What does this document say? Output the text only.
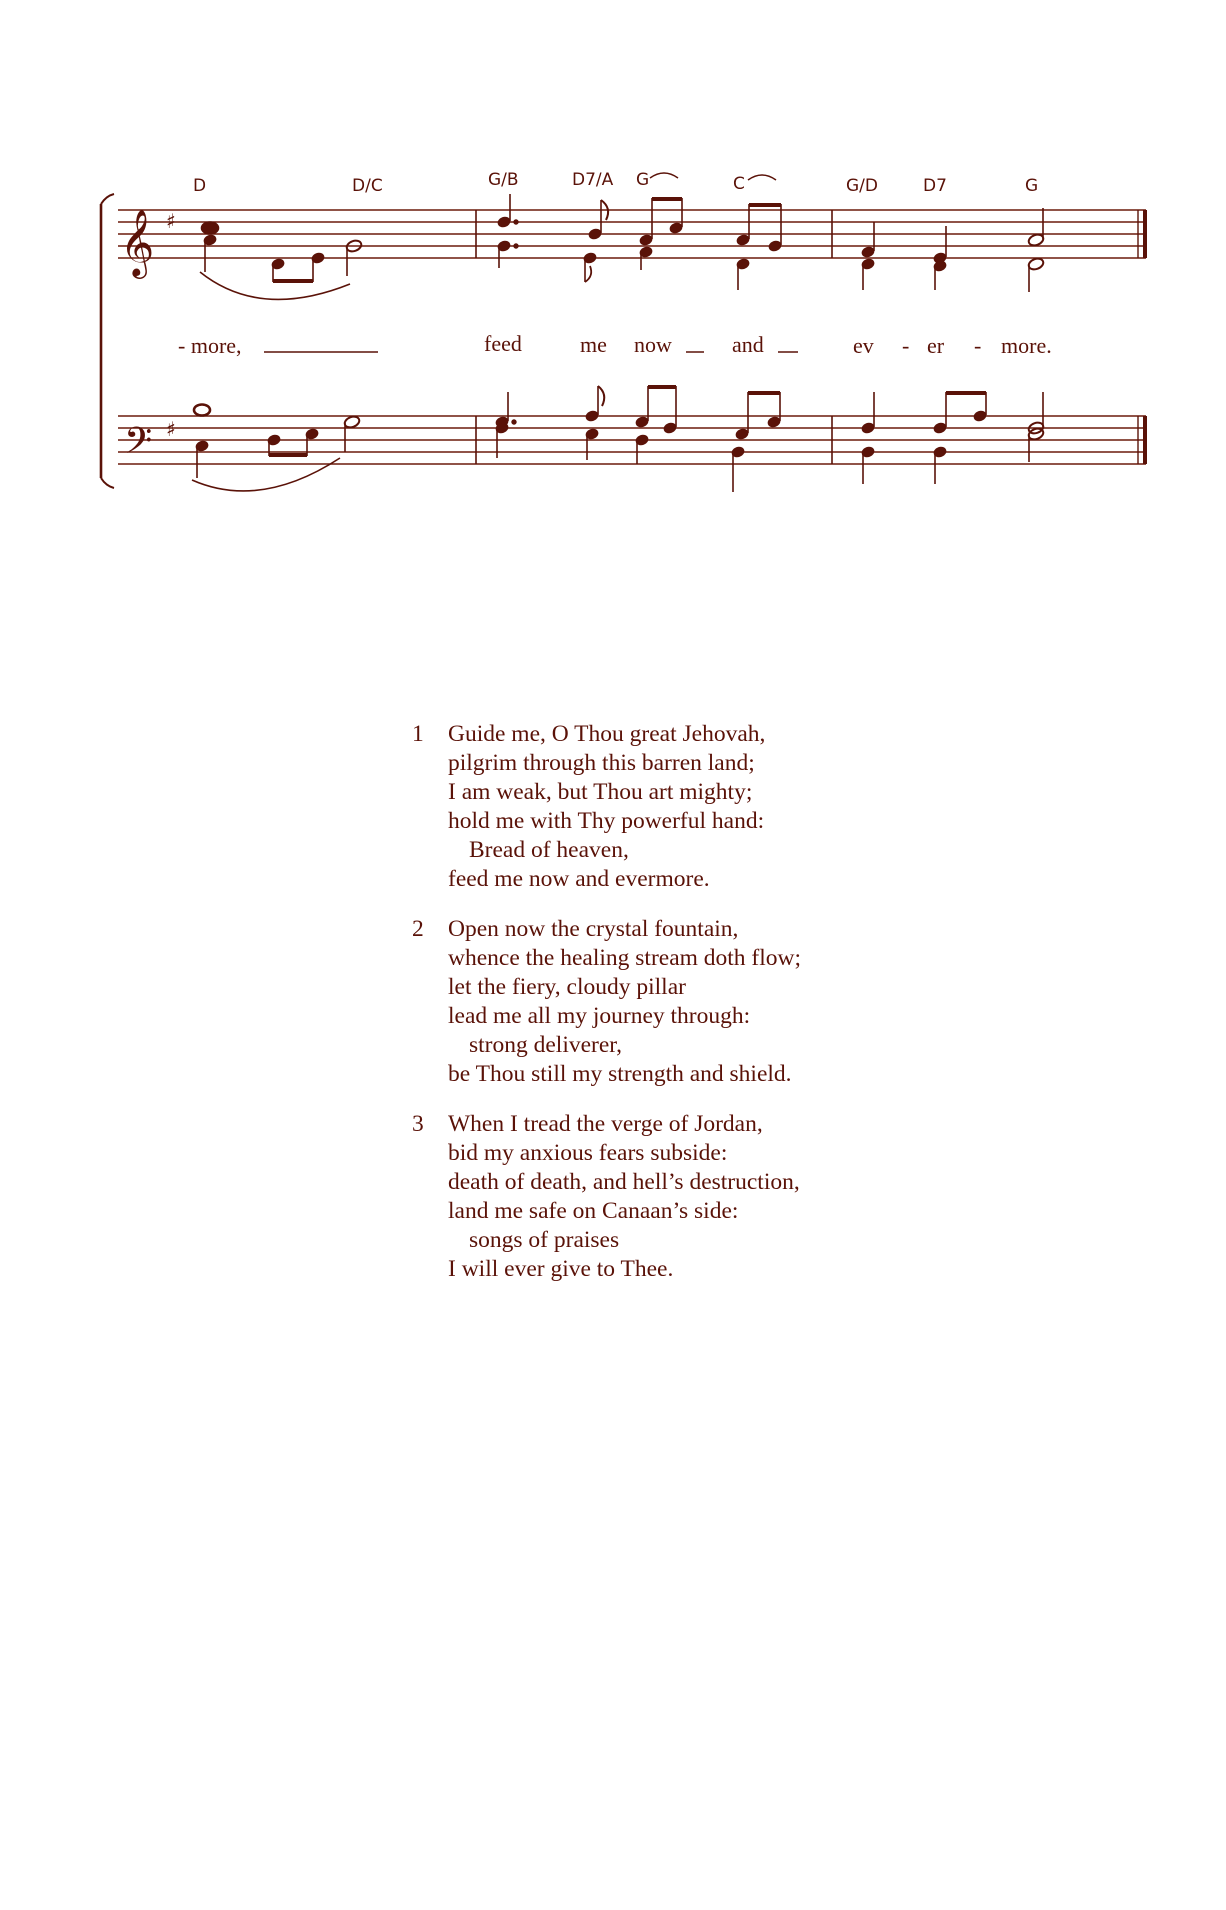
D	D/C	G/B	D7/A G	C	G/D	D7	G
𝄞 ♯
- more,	feed	me now	and	ev - er - more.
𝄢 ♯
1	Guide me, O Thou great Jehovah,
pilgrim through this barren land;
I am weak, but Thou art mighty;
hold me with Thy powerful hand:
Bread of heaven,
feed me now and evermore.
2	Open now the crystal fountain,
whence the healing stream doth flow;
let the fiery, cloudy pillar
lead me all my journey through:
strong deliverer,
be Thou still my strength and shield.
3	When I tread the verge of Jordan,
bid my anxious fears subside:
death of death, and hell’s destruction,
land me safe on Canaan’s side:
songs of praises
I will ever give to Thee.
